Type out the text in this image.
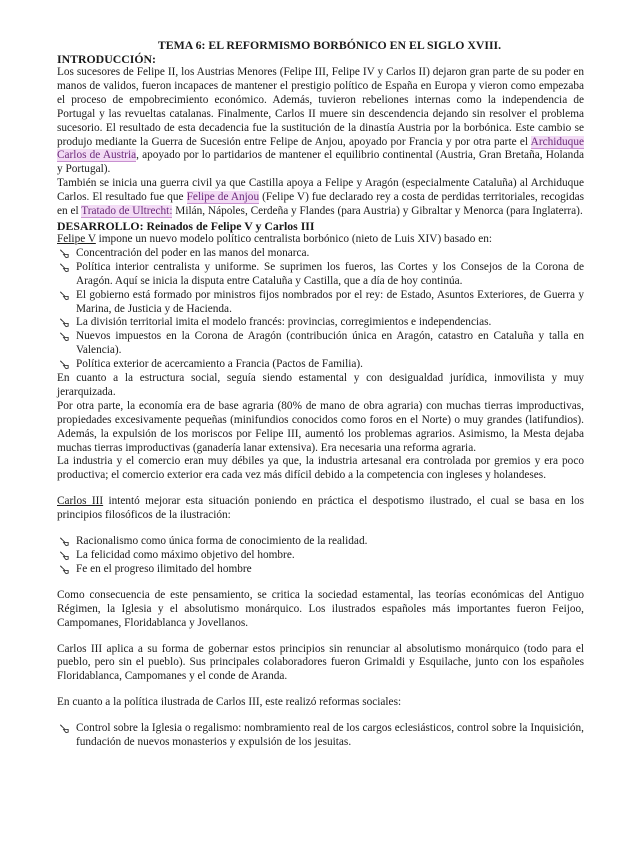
TEMA 6: EL REFORMISMO BORBÓNICO EN EL SIGLO XVIII.
INTRODUCCIÓN:

Los sucesores de Felipe II, los Austrias Menores (Felipe III, Felipe IV y Carlos II) dejaron gran parte de su poder en manos de validos, fueron incapaces de mantener el prestigio político de España en Europa y vieron como empezaba el proceso de empobrecimiento económico. Además, tuvieron rebeliones internas como la independencia de Portugal y las revueltas catalanas. Finalmente, Carlos II muere sin descendencia dejando sin resolver el problema sucesorio. El resultado de esta decadencia fue la sustitución de la dinastía Austria por la borbónica. Este cambio se produjo mediante la Guerra de Sucesión entre Felipe de Anjou, apoyado por Francia y por otra parte el Archiduque Carlos de Austria, apoyado por lo partidarios de mantener el equilibrio continental (Austria, Gran Bretaña, Holanda y Portugal).

También se inicia una guerra civil ya que Castilla apoya a Felipe y Aragón (especialmente Cataluña) al Archiduque Carlos. El resultado fue que Felipe de Anjou (Felipe V) fue declarado rey a costa de perdidas territoriales, recogidas en el Tratado de Ultrecht: Milán, Nápoles, Cerdeña y Flandes (para Austria) y Gibraltar y Menorca (para Inglaterra).

DESARROLLO: Reinados de Felipe V y Carlos III

Felipe V impone un nuevo modelo político centralista borbónico (nieto de Luis XIV) basado en:

Concentración del poder en las manos del monarca.
Política interior centralista y uniforme. Se suprimen los fueros, las Cortes y los Consejos de la Corona de Aragón. Aquí se inicia la disputa entre Cataluña y Castilla, que a día de hoy continúa.
El gobierno está formado por ministros fijos nombrados por el rey: de Estado, Asuntos Exteriores, de Guerra y Marina, de Justicia y de Hacienda.
La división territorial imita el modelo francés: provincias, corregimientos e independencias.
Nuevos impuestos en la Corona de Aragón (contribución única en Aragón, catastro en Cataluña y talla en Valencia).
Política exterior de acercamiento a Francia (Pactos de Familia).

En cuanto a la estructura social, seguía siendo estamental y con desigualdad jurídica, inmovilista y muy jerarquizada.

Por otra parte, la economía era de base agraria (80% de mano de obra agraria) con muchas tierras improductivas, propiedades excesivamente pequeñas (minifundios conocidos como foros en el Norte) o muy grandes (latifundios). Además, la expulsión de los moriscos por Felipe III, aumentó los problemas agrarios. Asimismo, la Mesta dejaba muchas tierras improductivas (ganadería lanar extensiva). Era necesaria una reforma agraria.

La industria y el comercio eran muy débiles ya que, la industria artesanal era controlada por gremios y era poco productiva; el comercio exterior era cada vez más difícil debido a la competencia con ingleses y holandeses.

Carlos III intentó mejorar esta situación poniendo en práctica el despotismo ilustrado, el cual se basa en los principios filosóficos de la ilustración:

Racionalismo como única forma de conocimiento de la realidad.
La felicidad como máximo objetivo del hombre.
Fe en el progreso ilimitado del hombre

Como consecuencia de este pensamiento, se critica la sociedad estamental, las teorías económicas del Antiguo Régimen, la Iglesia y el absolutismo monárquico. Los ilustrados españoles más importantes fueron Feijoo, Campomanes, Floridablanca y Jovellanos.

Carlos III aplica a su forma de gobernar estos principios sin renunciar al absolutismo monárquico (todo para el pueblo, pero sin el pueblo). Sus principales colaboradores fueron Grimaldi y Esquilache, junto con los españoles Floridablanca, Campomanes y el conde de Aranda.

En cuanto a la política ilustrada de Carlos III, este realizó reformas sociales:

Control sobre la Iglesia o regalismo: nombramiento real de los cargos eclesiásticos, control sobre la Inquisición, fundación de nuevos monasterios y expulsión de los jesuitas.
